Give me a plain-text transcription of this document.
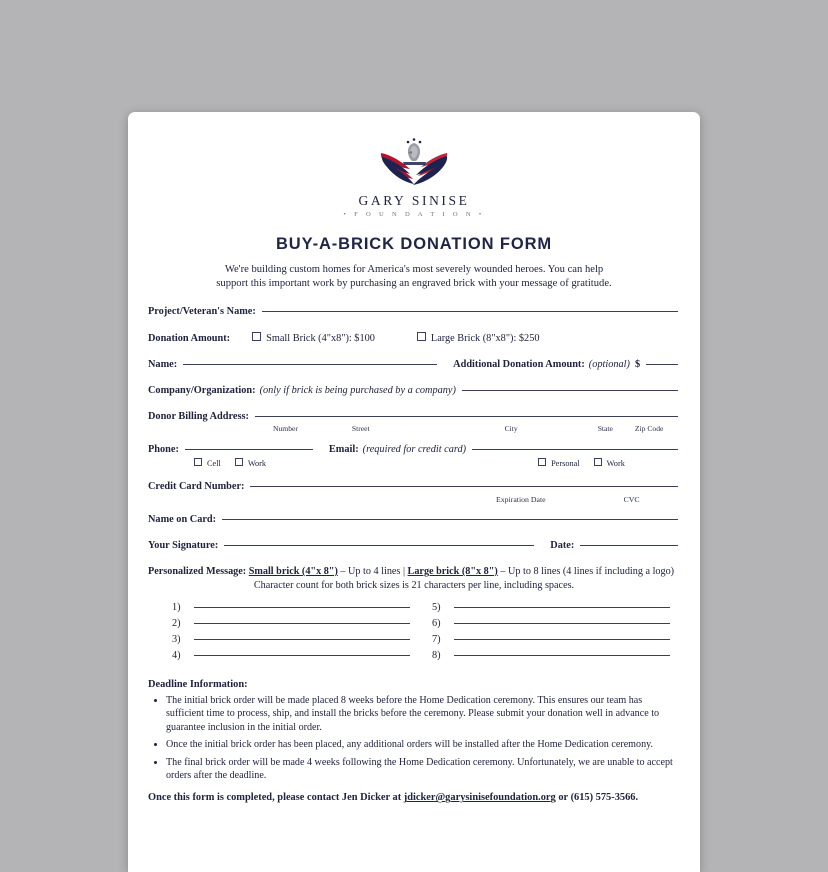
GARY SINISE
• F O U N D A T I O N •
BUY-A-BRICK DONATION FORM
We're building custom homes for America's most severely wounded heroes. You can help support this important work by purchasing an engraved brick with your message of gratitude.
Project/Veteran's Name:
Donation Amount:	Small Brick (4"x8"): $100	Large Brick (8"x8"): $250
Name:	Additional Donation Amount: (optional) $
Company/Organization: (only if brick is being purchased by a company)
Donor Billing Address:
Number	Street	City	State	Zip Code
Phone:	Email: (required for credit card)
Cell	Work	Personal	Work
Credit Card Number:
Expiration Date	CVC
Name on Card:
Your Signature:	Date:
Personalized Message: Small brick (4"x 8") – Up to 4 lines | Large brick (8"x 8") – Up to 8 lines (4 lines if including a logo)
Character count for both brick sizes is 21 characters per line, including spaces.
1)	5)
2)	6)
3)	7)
4)	8)
Deadline Information:
• The initial brick order will be made placed 8 weeks before the Home Dedication ceremony. This ensures our team has sufficient time to process, ship, and install the bricks before the ceremony. Please submit your donation well in advance to guarantee inclusion in the initial order.
• Once the initial brick order has been placed, any additional orders will be installed after the Home Dedication ceremony.
• The final brick order will be made 4 weeks following the Home Dedication ceremony. Unfortunately, we are unable to accept orders after the deadline.
Once this form is completed, please contact Jen Dicker at jdicker@garysinisefoundation.org or (615) 575-3566.
